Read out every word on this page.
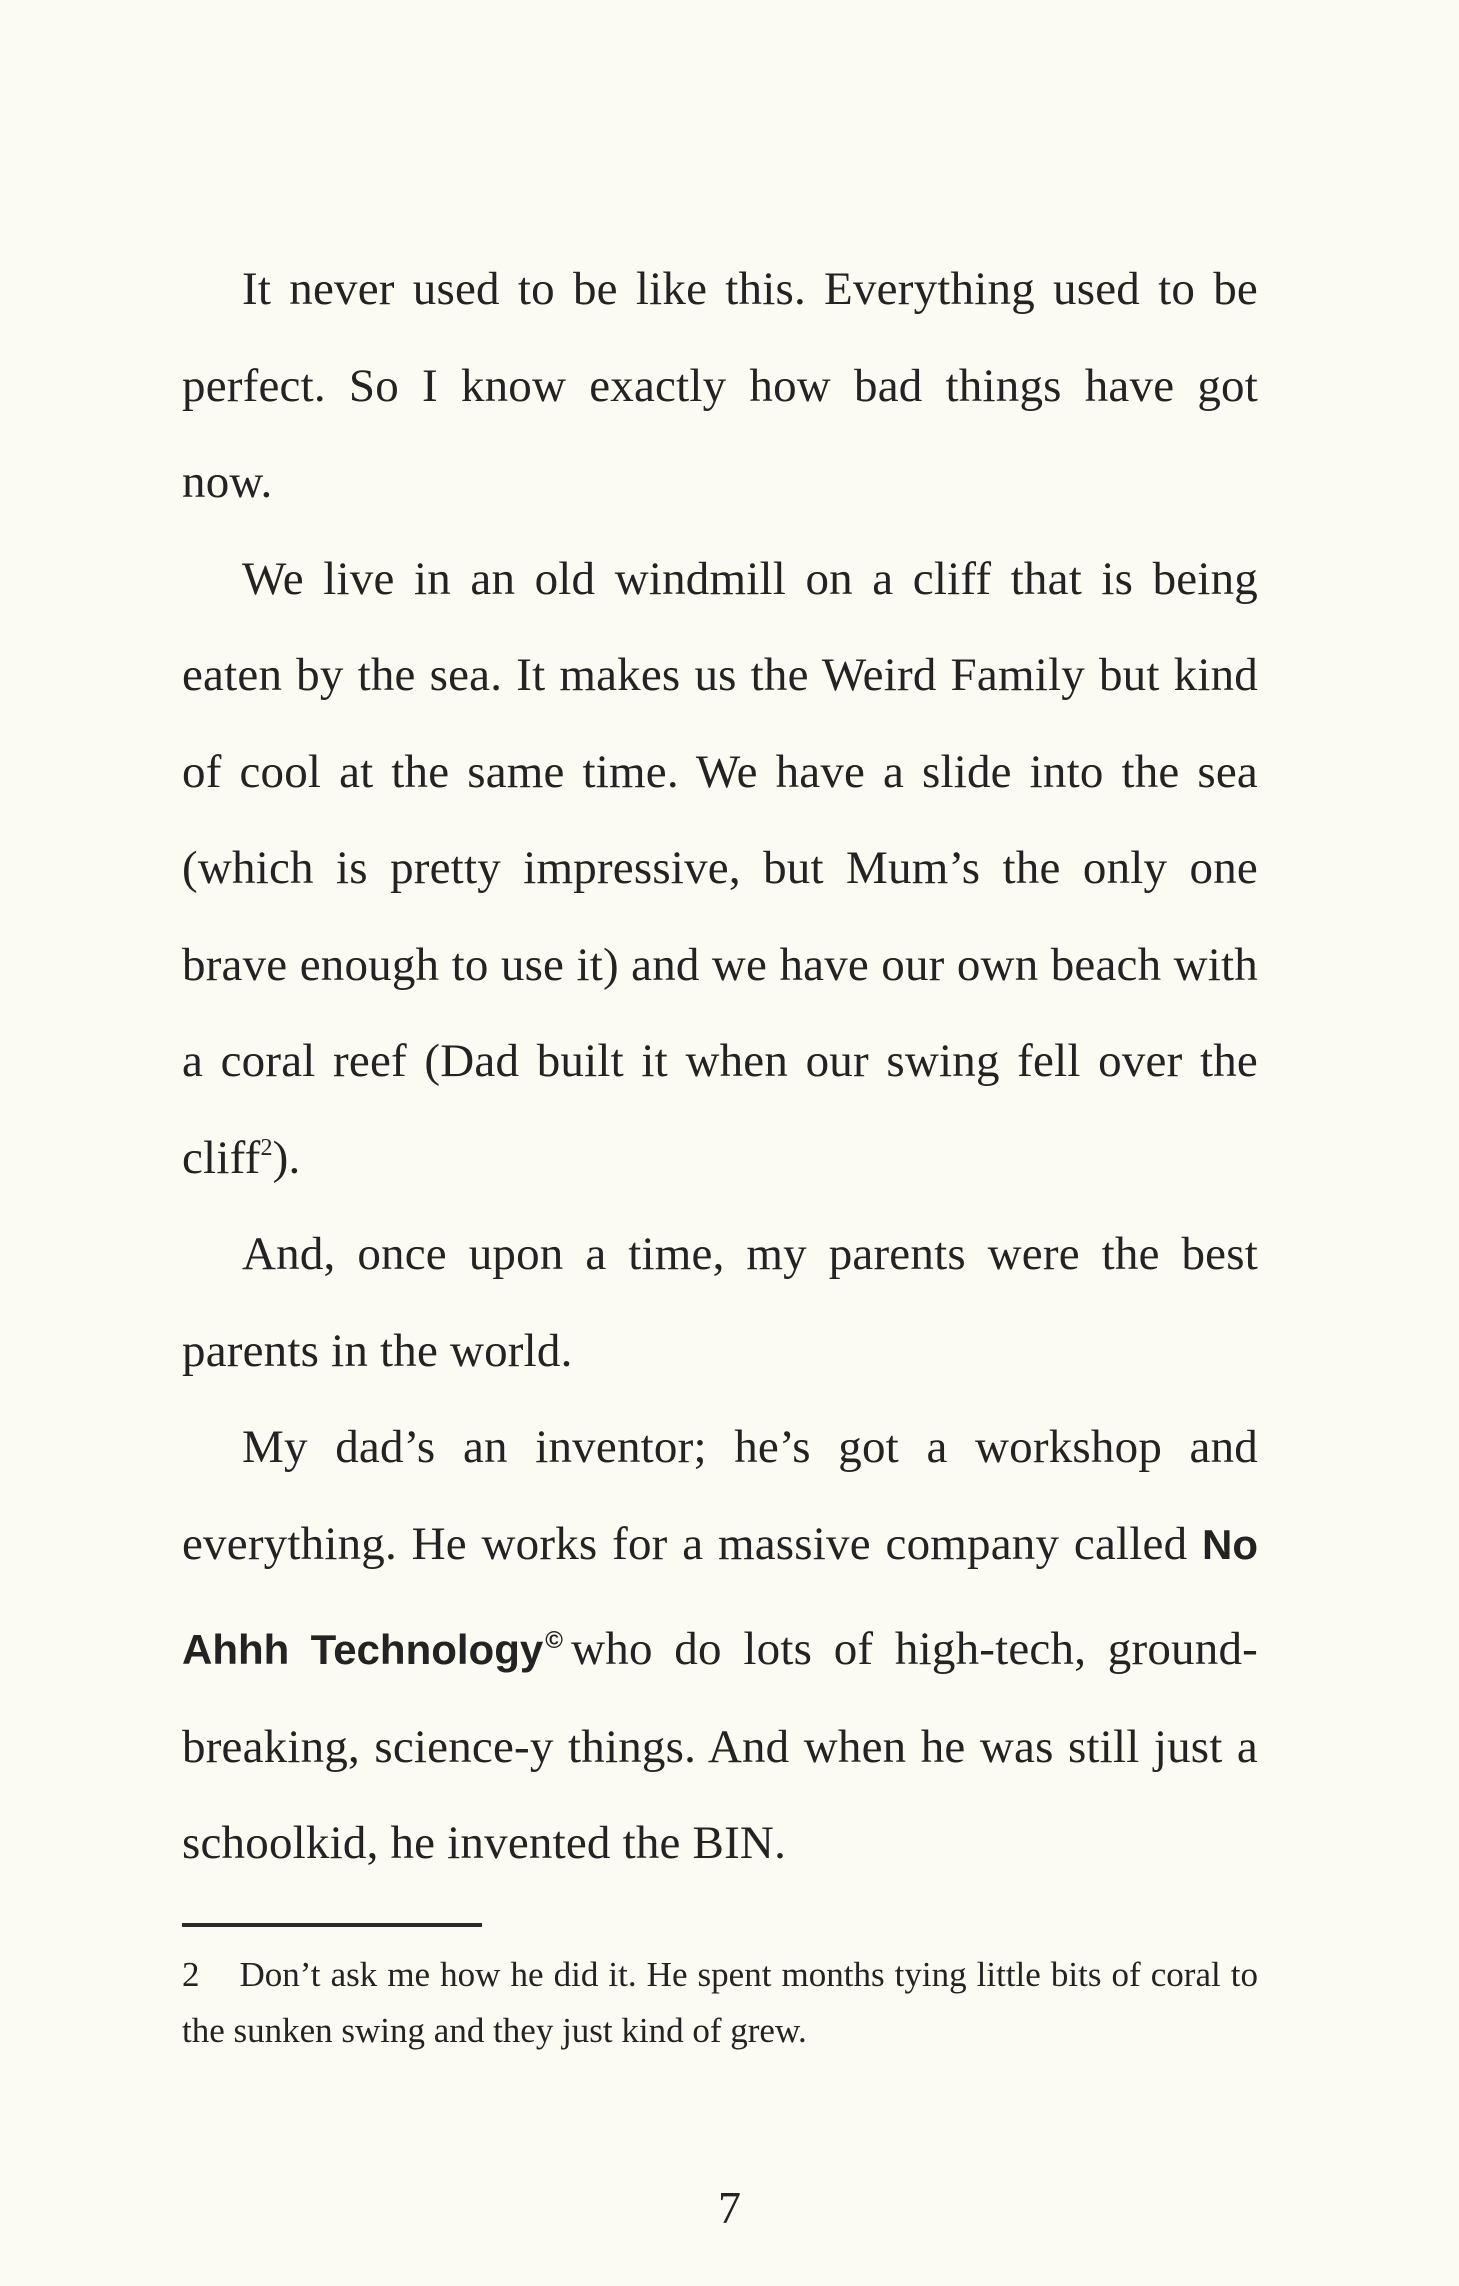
It never used to be like this. Everything used to be perfect. So I know exactly how bad things have got now.

We live in an old windmill on a cliff that is being eaten by the sea. It makes us the Weird Family but kind of cool at the same time. We have a slide into the sea (which is pretty impressive, but Mum’s the only one brave enough to use it) and we have our own beach with a coral reef (Dad built it when our swing fell over the cliff$^2$).

And, once upon a time, my parents were the best parents in the world.

My dad’s an inventor; he’s got a workshop and everything. He works for a massive company called No Ahhh Technology© who do lots of high-tech, ground-breaking, science-y things. And when he was still just a schoolkid, he invented the BIN.

2 Don’t ask me how he did it. He spent months tying little bits of coral to the sunken swing and they just kind of grew.

7
